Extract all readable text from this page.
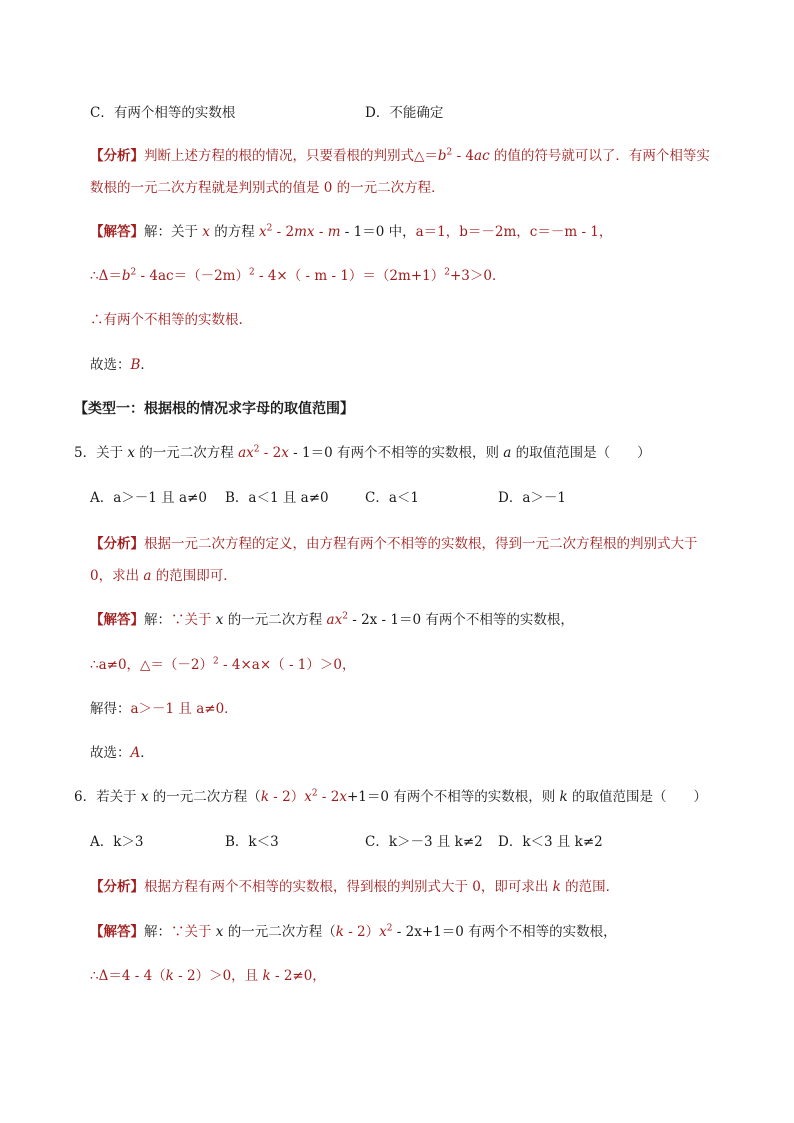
C．有两个相等的实数根	D．不能确定
【分析】判断上述方程的根的情况，只要看根的判别式$\triangle=b^2 - 4ac$ 的值的符号就可以了．有两个相等实
数根的一元二次方程就是判别式的值是 0 的一元二次方程．
【解答】解：关于 x 的方程 $x^2 - 2mx - m - 1=0$ 中，a＝1，b＝－2m，c＝－m - 1，
$\therefore\Delta=b^2 - 4ac=(-2m)^2 - 4\times( - m - 1)=(2m+1)^2+3>0$．
∴有两个不相等的实数根.
故选：B．
【类型一：根据根的情况求字母的取值范围】
5．关于 x 的一元二次方程 $ax^2 - 2x - 1=0$ 有两个不相等的实数根，则 a 的取值范围是（　　）
A．a＞－1 且 a≠0 B．a＜1 且 a≠0	C．a＜1	D．a＞－1
【分析】根据一元二次方程的定义，由方程有两个不相等的实数根，得到一元二次方程根的判别式大于
0，求出 a 的范围即可．
【解答】解：∵关于 x 的一元二次方程 $ax^2 - 2x - 1=0$ 有两个不相等的实数根，
∴a≠0，$\triangle=(-2)^2 - 4\times a\times( - 1)>0$，
解得：a＞－1 且 a≠0．
故选：A．
6．若关于 x 的一元二次方程$(k - 2)x^2 - 2x+1=0$ 有两个不相等的实数根，则 k 的取值范围是（　　）
A．k＞3	B．k＜3	C．k＞－3 且 k≠2 D．k＜3 且 k≠2
【分析】根据方程有两个不相等的实数根，得到根的判别式大于 0，即可求出 k 的范围．
【解答】解：∵关于 x 的一元二次方程$(k - 2)x^2 - 2x+1=0$ 有两个不相等的实数根，
∴Δ＝4 - 4（k - 2）＞0，且 k - 2≠0，
